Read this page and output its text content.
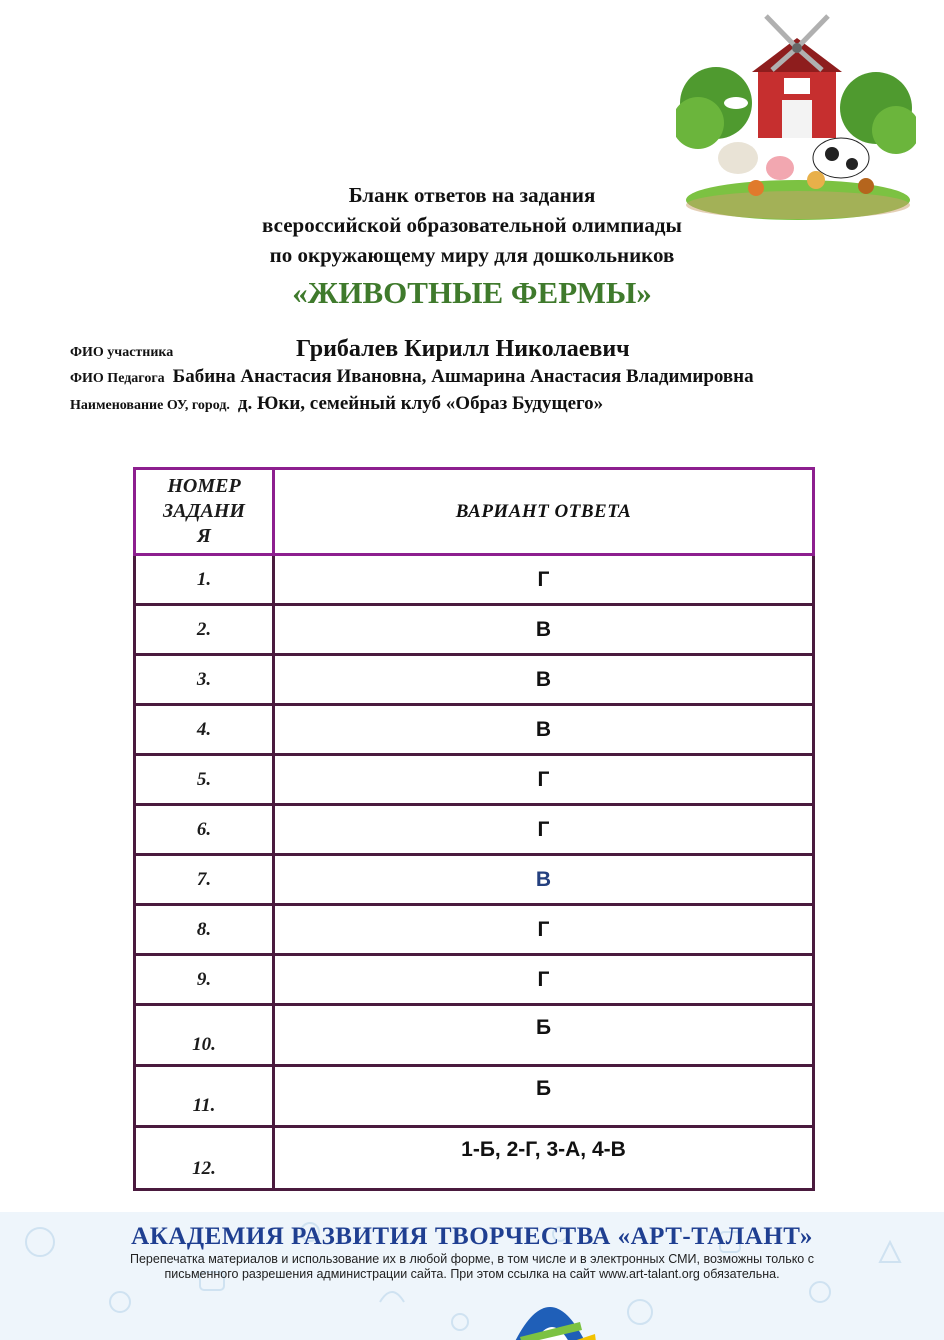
Бланк ответов на задания
всероссийской образовательной олимпиады
по окружающему миру для дошкольников
«ЖИВОТНЫЕ ФЕРМЫ»
ФИО участника	Грибалев Кирилл Николаевич
ФИО Педагога Бабина Анастасия Ивановна, Ашмарина Анастасия Владимировна
Наименование ОУ, город. д. Юки, семейный клуб «Образ Будущего»
НОМЕР
ЗАДАНИ
Я	ВАРИАНТ ОТВЕТА
1.	Г
2.	В
3.	В
4.	В
5.	Г
6.	Г
7.	В
8.	Г
9.	Г
10.	Б
11.	Б
12.	1-Б, 2-Г, 3-А, 4-В
АКАДЕМИЯ РАЗВИТИЯ ТВОРЧЕСТВА «АРТ-ТАЛАНТ»
Перепечатка материалов и использование их в любой форме, в том числе и в электронных СМИ, возможны только с
письменного разрешения администрации сайта. При этом ссылка на сайт www.art-talant.org обязательна.
